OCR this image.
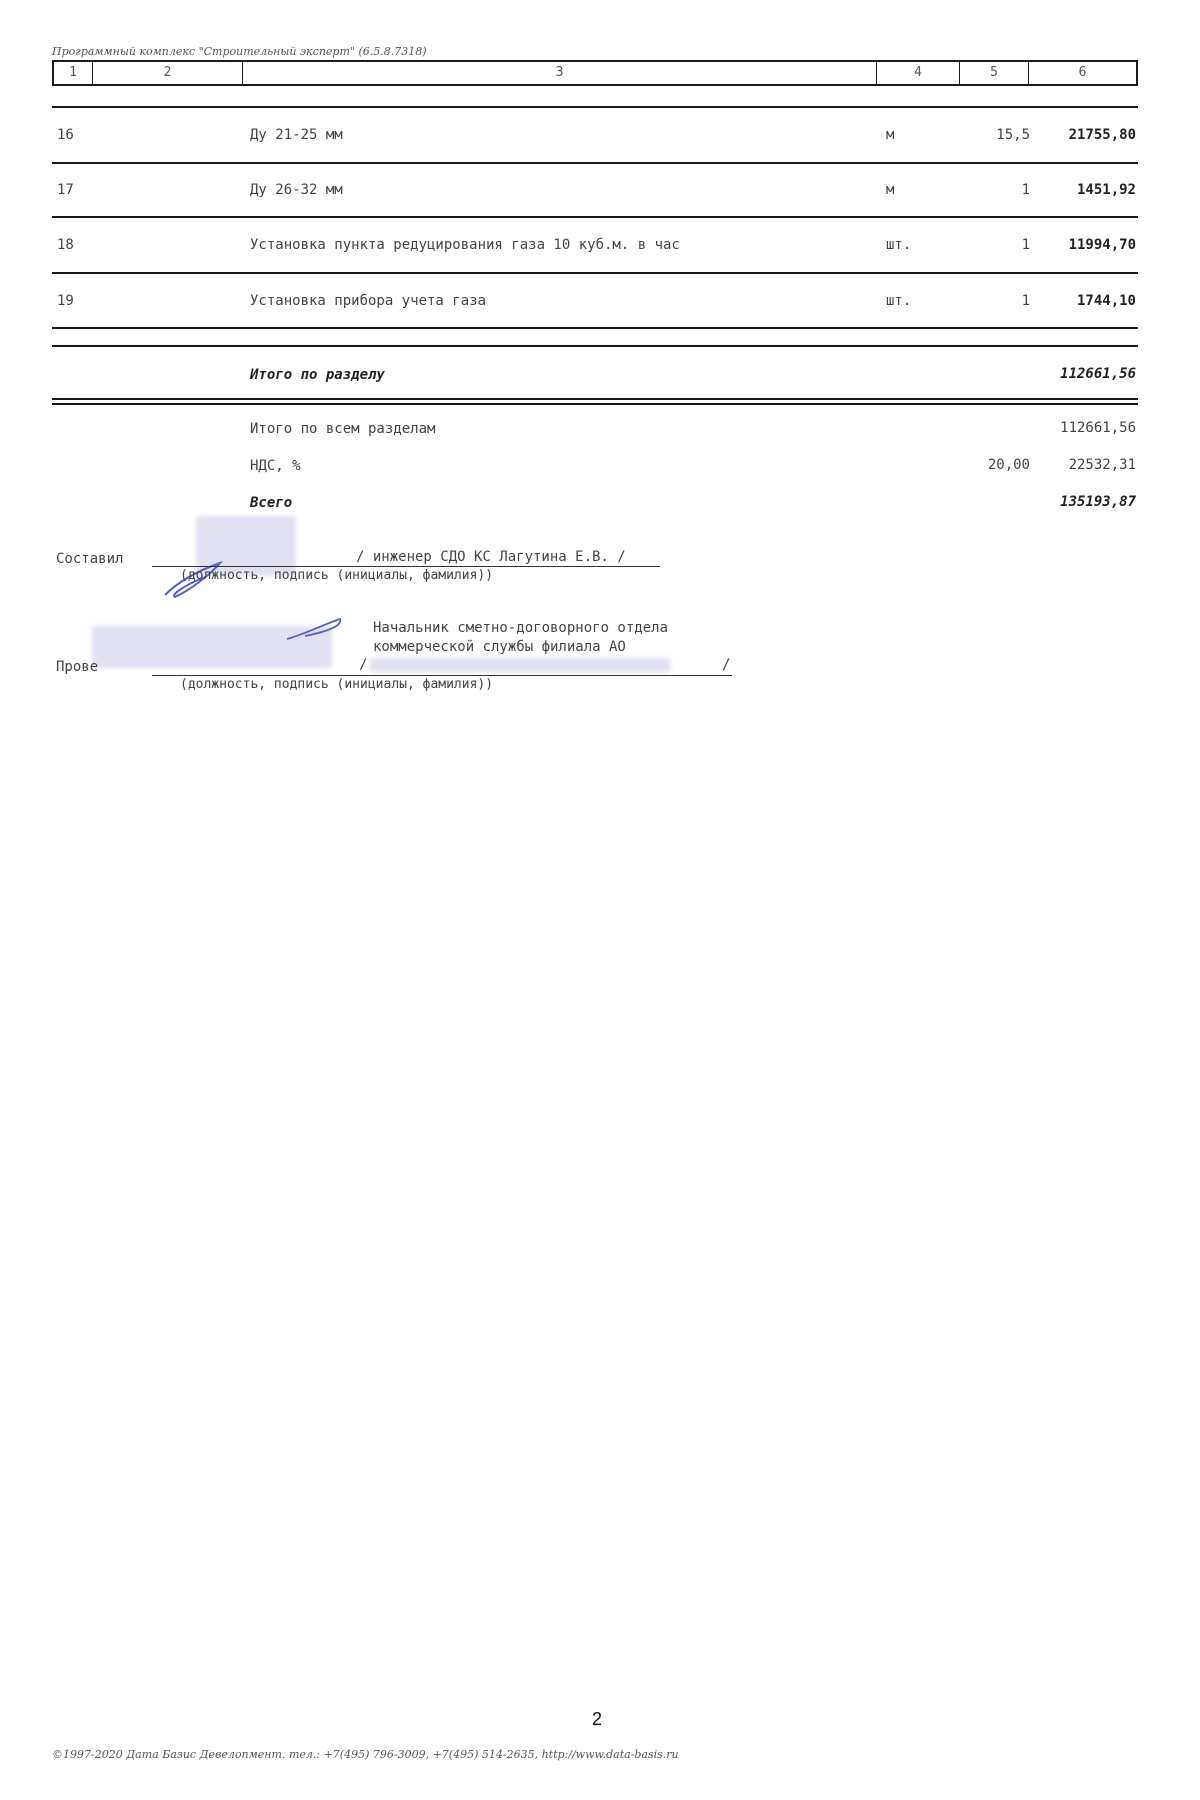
Программный комплекс "Строительный эксперт" (6.5.8.7318)
1	2	3	4	5	6
16	Ду 21-25 мм	м	15,5	21755,80
17	Ду 26-32 мм	м	1	1451,92
18	Установка пункта редуцирования газа 10 куб.м. в час	шт.	1	11994,70
19	Установка прибора учета газа	шт.	1	1744,10
Итого по разделу	112661,56
Итого по всем разделам	112661,56
НДС, %	20,00	22532,31
Всего	135193,87
Составил	/ инженер СДО КС Лагутина Е.В. /
(должность, подпись (инициалы, фамилия))
Начальник сметно-договорного отдела
коммерческой службы филиала АО
Прове	/	/
(должность, подпись (инициалы, фамилия))
2
©1997-2020 Дата Базис Девелопмент. тел.: +7(495) 796-3009, +7(495) 514-2635, http://www.data-basis.ru
